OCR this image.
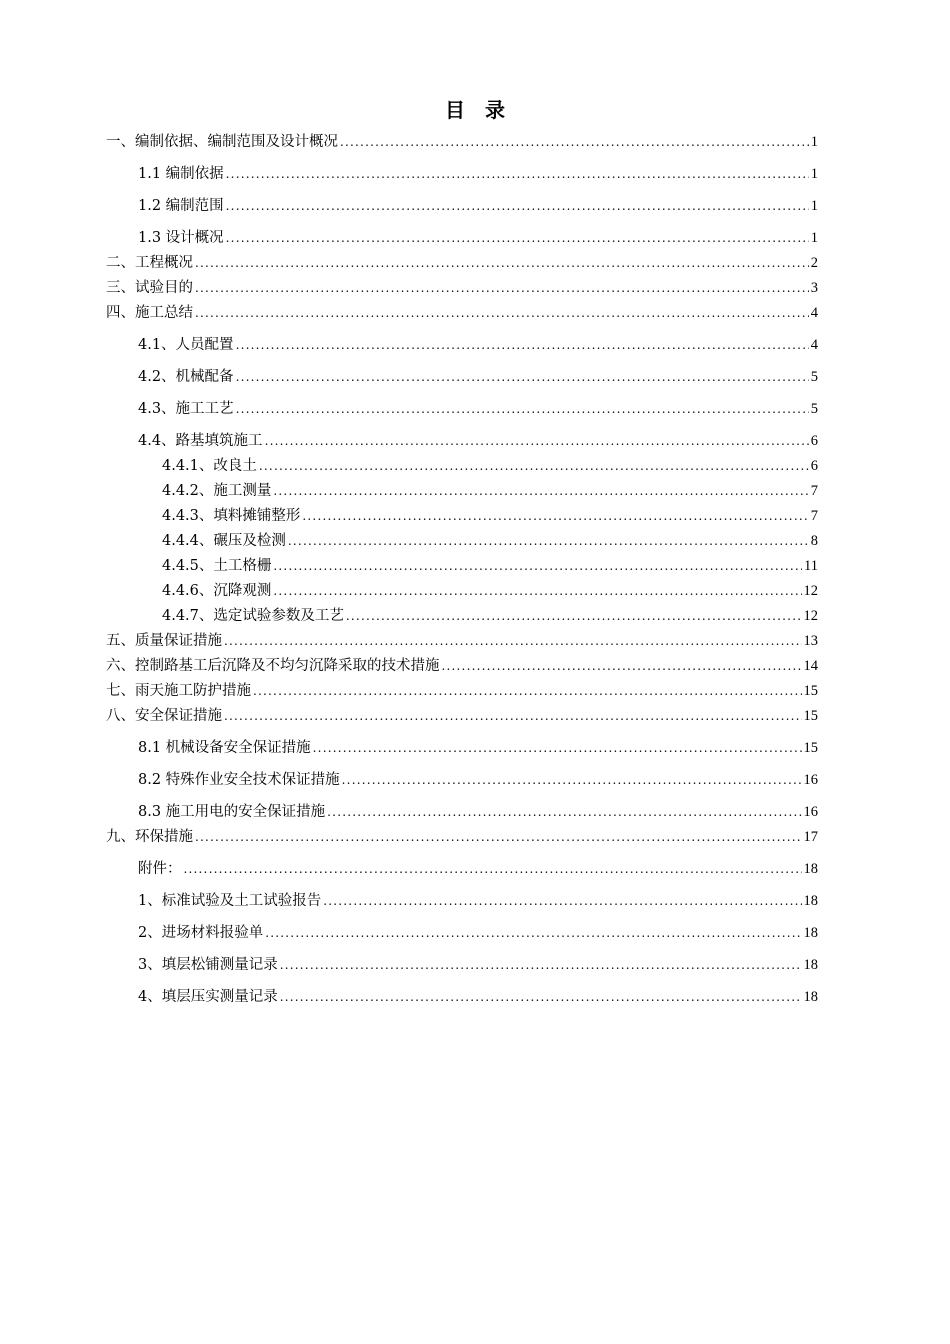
目　录
一、编制依据、编制范围及设计概况 .....	1
1.1 编制依据 .....	1
1.2 编制范围 .....	1
1.3 设计概况 .....	1
二、工程概况 .....	2
三、试验目的 .....	3
四、施工总结 .....	4
4.1、人员配置 .....	4
4.2、机械配备 .....	5
4.3、施工工艺 .....	5
4.4、路基填筑施工 .....	6
4.4.1、改良土 .....	6
4.4.2、施工测量 .....	7
4.4.3、填料摊铺整形 .....	7
4.4.4、碾压及检测 .....	8
4.4.5、土工格栅 .....	11
4.4.6、沉降观测 .....	12
4.4.7、选定试验参数及工艺 .....	12
五、质量保证措施 .....	13
六、控制路基工后沉降及不均匀沉降采取的技术措施 .....	14
七、雨天施工防护措施 .....	15
八、安全保证措施 .....	15
8.1 机械设备安全保证措施 .....	15
8.2 特殊作业安全技术保证措施 .....	16
8.3 施工用电的安全保证措施 .....	16
九、环保措施 .....	17
附件： .....	18
1、标准试验及土工试验报告 .....	18
2、进场材料报验单 .....	18
3、填层松铺测量记录 .....	18
4、填层压实测量记录 .....	18
